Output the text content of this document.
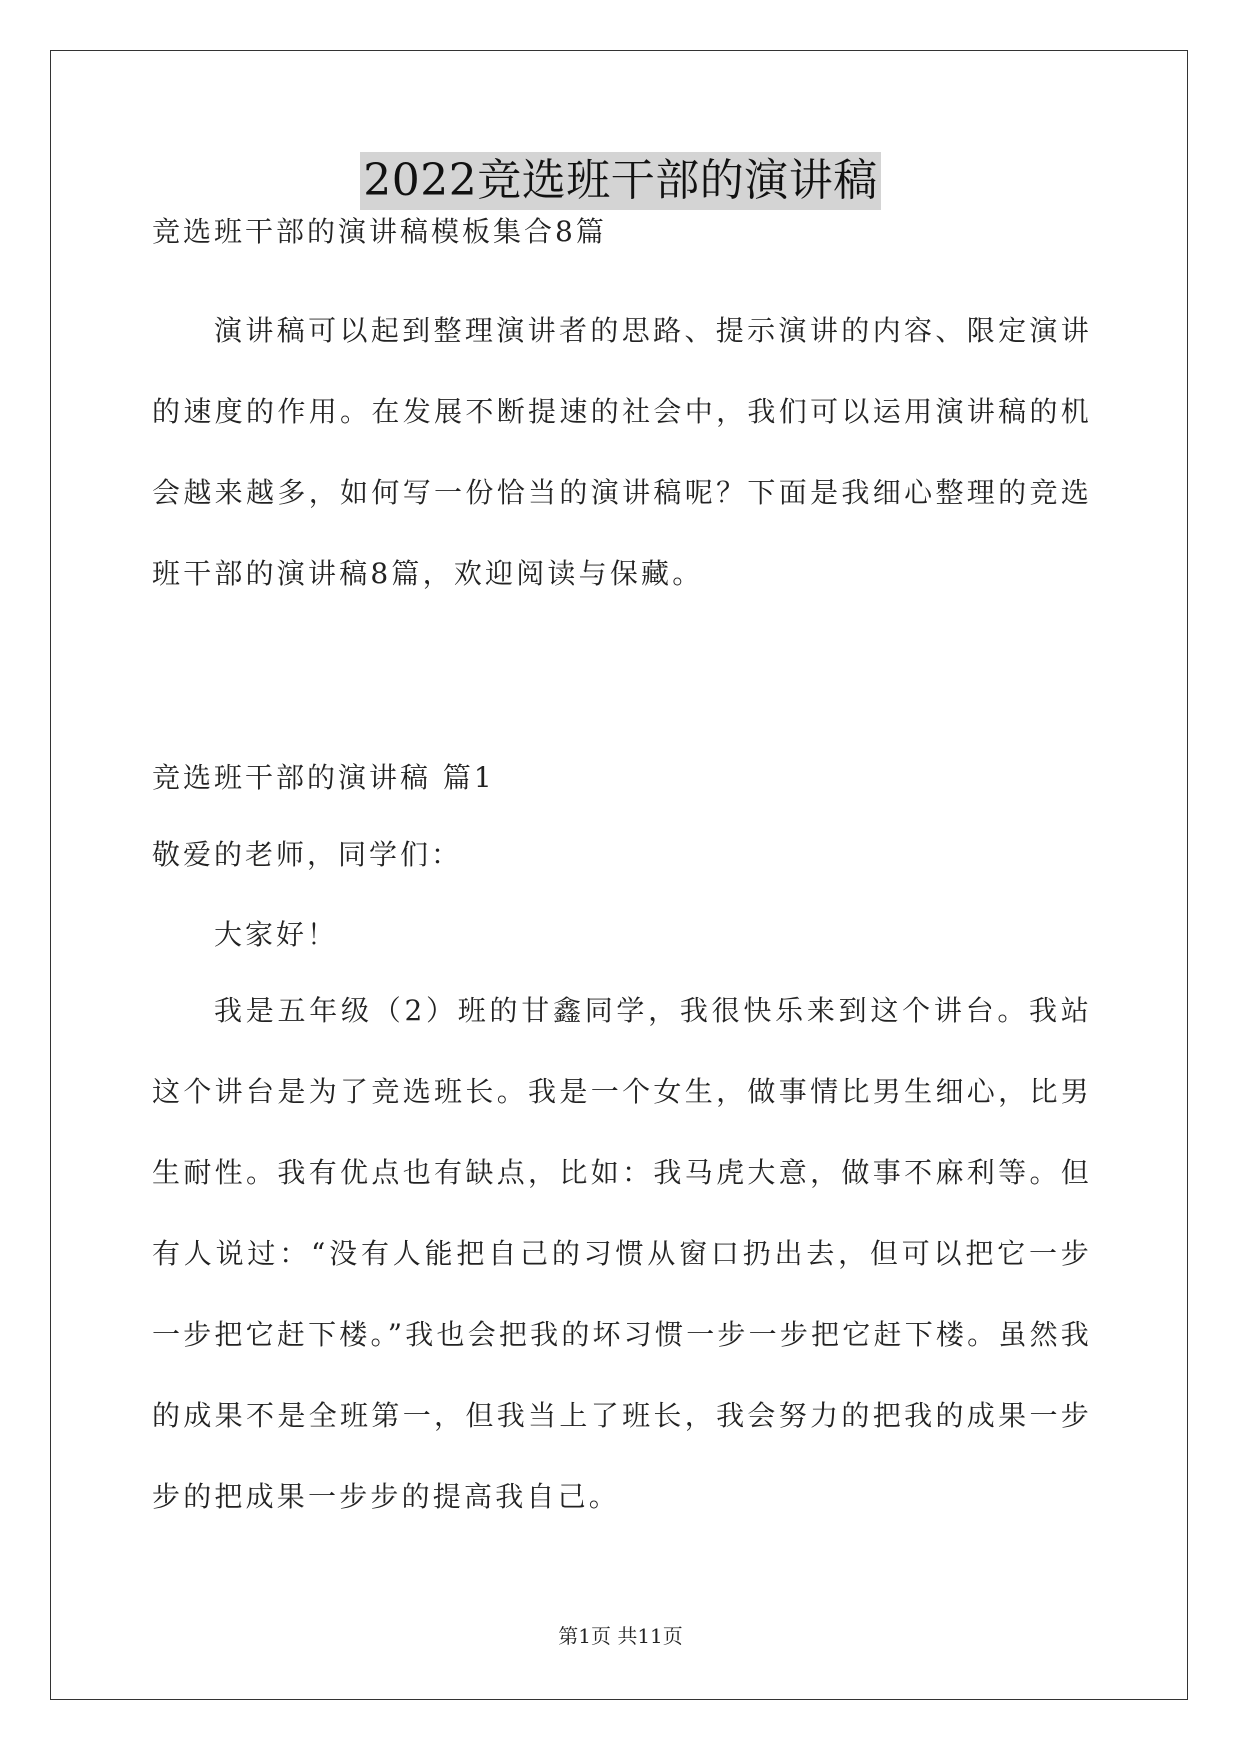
2022竞选班干部的演讲稿
竞选班干部的演讲稿模板集合8篇

演讲稿可以起到整理演讲者的思路、提示演讲的内容、限定演讲的速度的作用。在发展不断提速的社会中，我们可以运用演讲稿的机会越来越多，如何写一份恰当的演讲稿呢？下面是我细心整理的竞选班干部的演讲稿8篇，欢迎阅读与保藏。

竞选班干部的演讲稿 篇1
敬爱的老师，同学们：
大家好！

我是五年级（2）班的甘鑫同学，我很快乐来到这个讲台。我站这个讲台是为了竞选班长。我是一个女生，做事情比男生细心，比男生耐性。我有优点也有缺点，比如：我马虎大意，做事不麻利等。但有人说过：“没有人能把自己的习惯从窗口扔出去，但可以把它一步一步把它赶下楼。”我也会把我的坏习惯一步一步把它赶下楼。虽然我的成果不是全班第一，但我当上了班长，我会努力的把我的成果一步步的把成果一步步的提高我自己。

第1页 共11页
